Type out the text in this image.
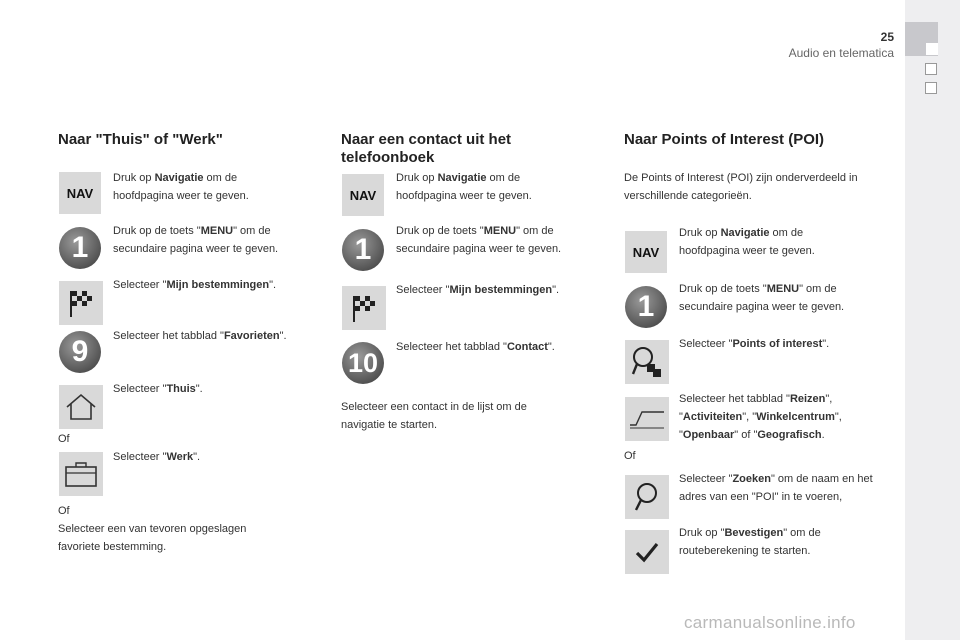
25
Audio en telematica
Naar "Thuis" of "Werk"
NAV
Druk op Navigatie om de hoofdpagina weer te geven.
1	Druk op de toets "MENU" om de secundaire pagina weer te geven.
Selecteer "Mijn bestemmingen".
9	Selecteer het tabblad "Favorieten".
Selecteer "Thuis".
Of
Selecteer "Werk".
Of
Selecteer een van tevoren opgeslagen favoriete bestemming.
Naar een contact uit het telefoonboek
NAV
Druk op Navigatie om de hoofdpagina weer te geven.
1
Druk op de toets "MENU" om de secundaire pagina weer te geven.
Selecteer "Mijn bestemmingen".
10
Selecteer het tabblad "Contact".
Selecteer een contact in de lijst om de navigatie te starten.
Naar Points of Interest (POI)
De Points of Interest (POI) zijn onderverdeeld in verschillende categorieën.
NAV
Druk op Navigatie om de hoofdpagina weer te geven.
1
Druk op de toets "MENU" om de secundaire pagina weer te geven.
Selecteer "Points of interest".
Selecteer het tabblad "Reizen", "Activiteiten", "Winkelcentrum", "Openbaar" of "Geografisch.
Of
Selecteer "Zoeken" om de naam en het adres van een "POI" in te voeren,
Druk op "Bevestigen" om de routeberekening te starten.
carmanualsonline.info
